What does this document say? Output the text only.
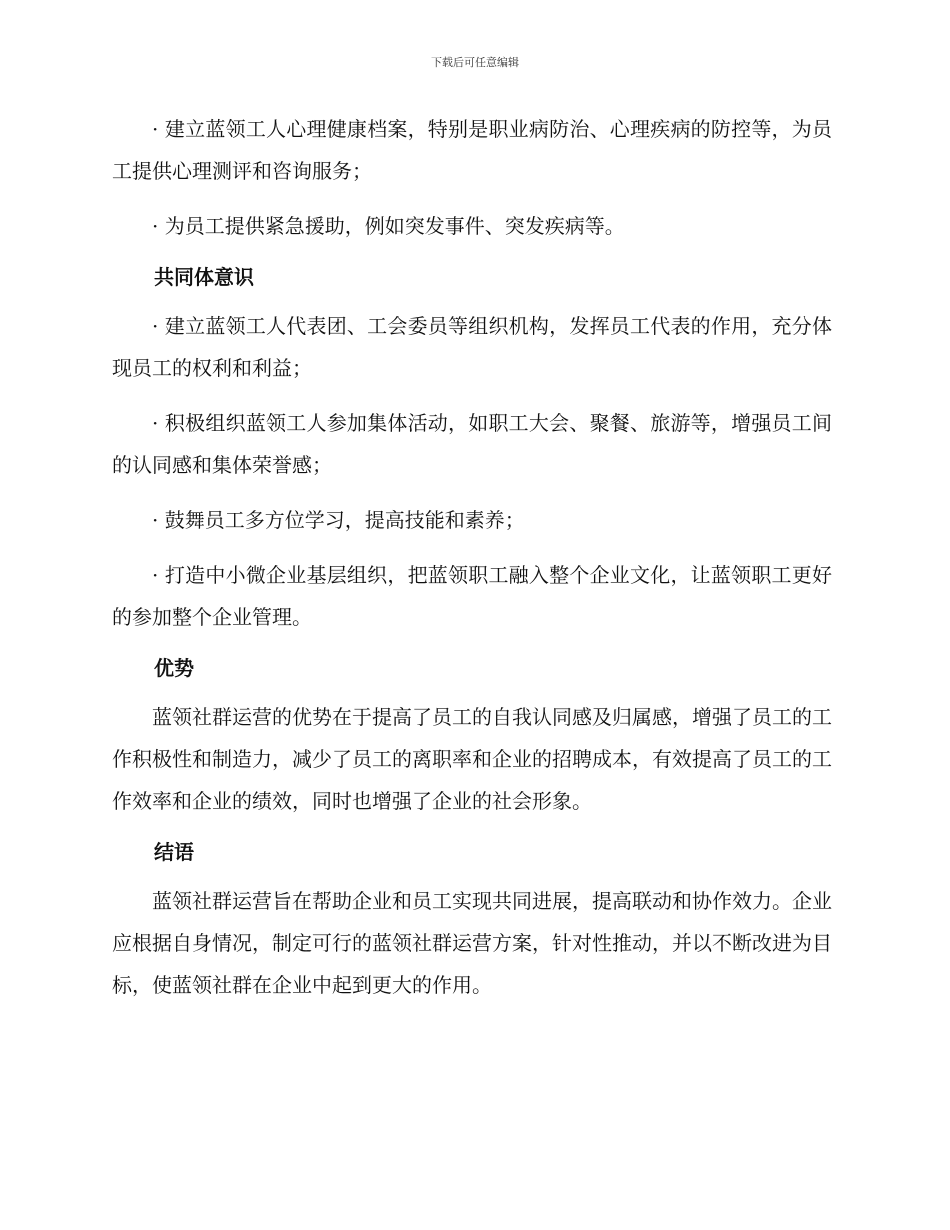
下载后可任意编辑

· 建立蓝领工人心理健康档案，特别是职业病防治、心理疾病的防控等，为员工提供心理测评和咨询服务；

· 为员工提供紧急援助，例如突发事件、突发疾病等。

共同体意识

· 建立蓝领工人代表团、工会委员等组织机构，发挥员工代表的作用，充分体现员工的权利和利益；

· 积极组织蓝领工人参加集体活动，如职工大会、聚餐、旅游等，增强员工间的认同感和集体荣誉感；

· 鼓舞员工多方位学习，提高技能和素养；

· 打造中小微企业基层组织，把蓝领职工融入整个企业文化，让蓝领职工更好的参加整个企业管理。

优势

蓝领社群运营的优势在于提高了员工的自我认同感及归属感，增强了员工的工作积极性和制造力，减少了员工的离职率和企业的招聘成本，有效提高了员工的工作效率和企业的绩效，同时也增强了企业的社会形象。

结语

蓝领社群运营旨在帮助企业和员工实现共同进展，提高联动和协作效力。企业应根据自身情况，制定可行的蓝领社群运营方案，针对性推动，并以不断改进为目标，使蓝领社群在企业中起到更大的作用。
